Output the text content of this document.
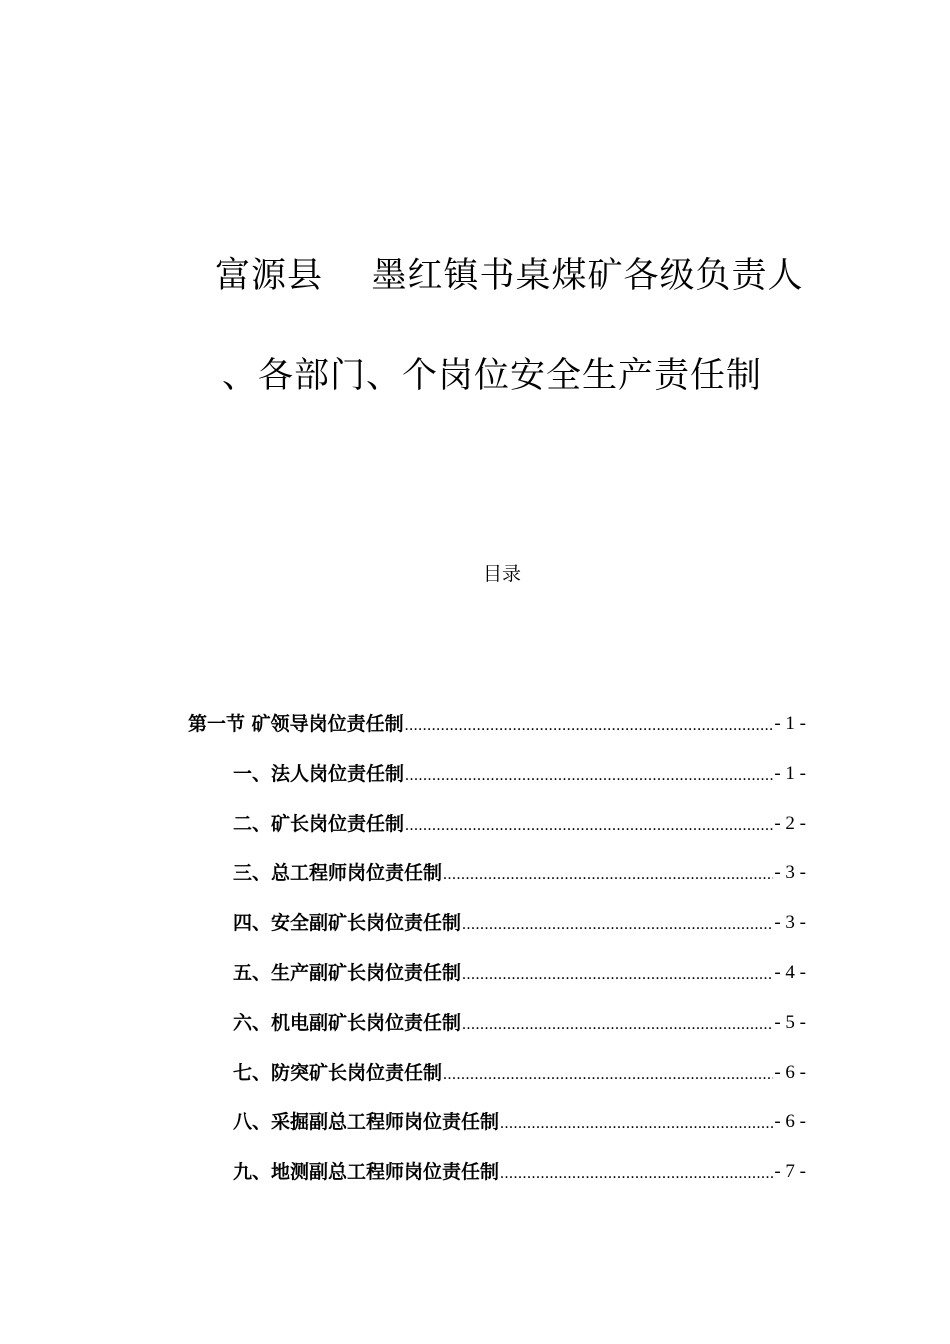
富源县    墨红镇书桌煤矿各级负责人
、各部门、个岗位安全生产责任制
目录
第一节 矿领导岗位责任制 .....	- 1 -
一、法人岗位责任制 .....	- 1 -
二、矿长岗位责任制 .....	- 2 -
三、总工程师岗位责任制 .....	- 3 -
四、安全副矿长岗位责任制 .....	- 3 -
五、生产副矿长岗位责任制 .....	- 4 -
六、机电副矿长岗位责任制 .....	- 5 -
七、防突矿长岗位责任制 .....	- 6 -
八、采掘副总工程师岗位责任制 .....	- 6 -
九、地测副总工程师岗位责任制 .....	- 7 -
